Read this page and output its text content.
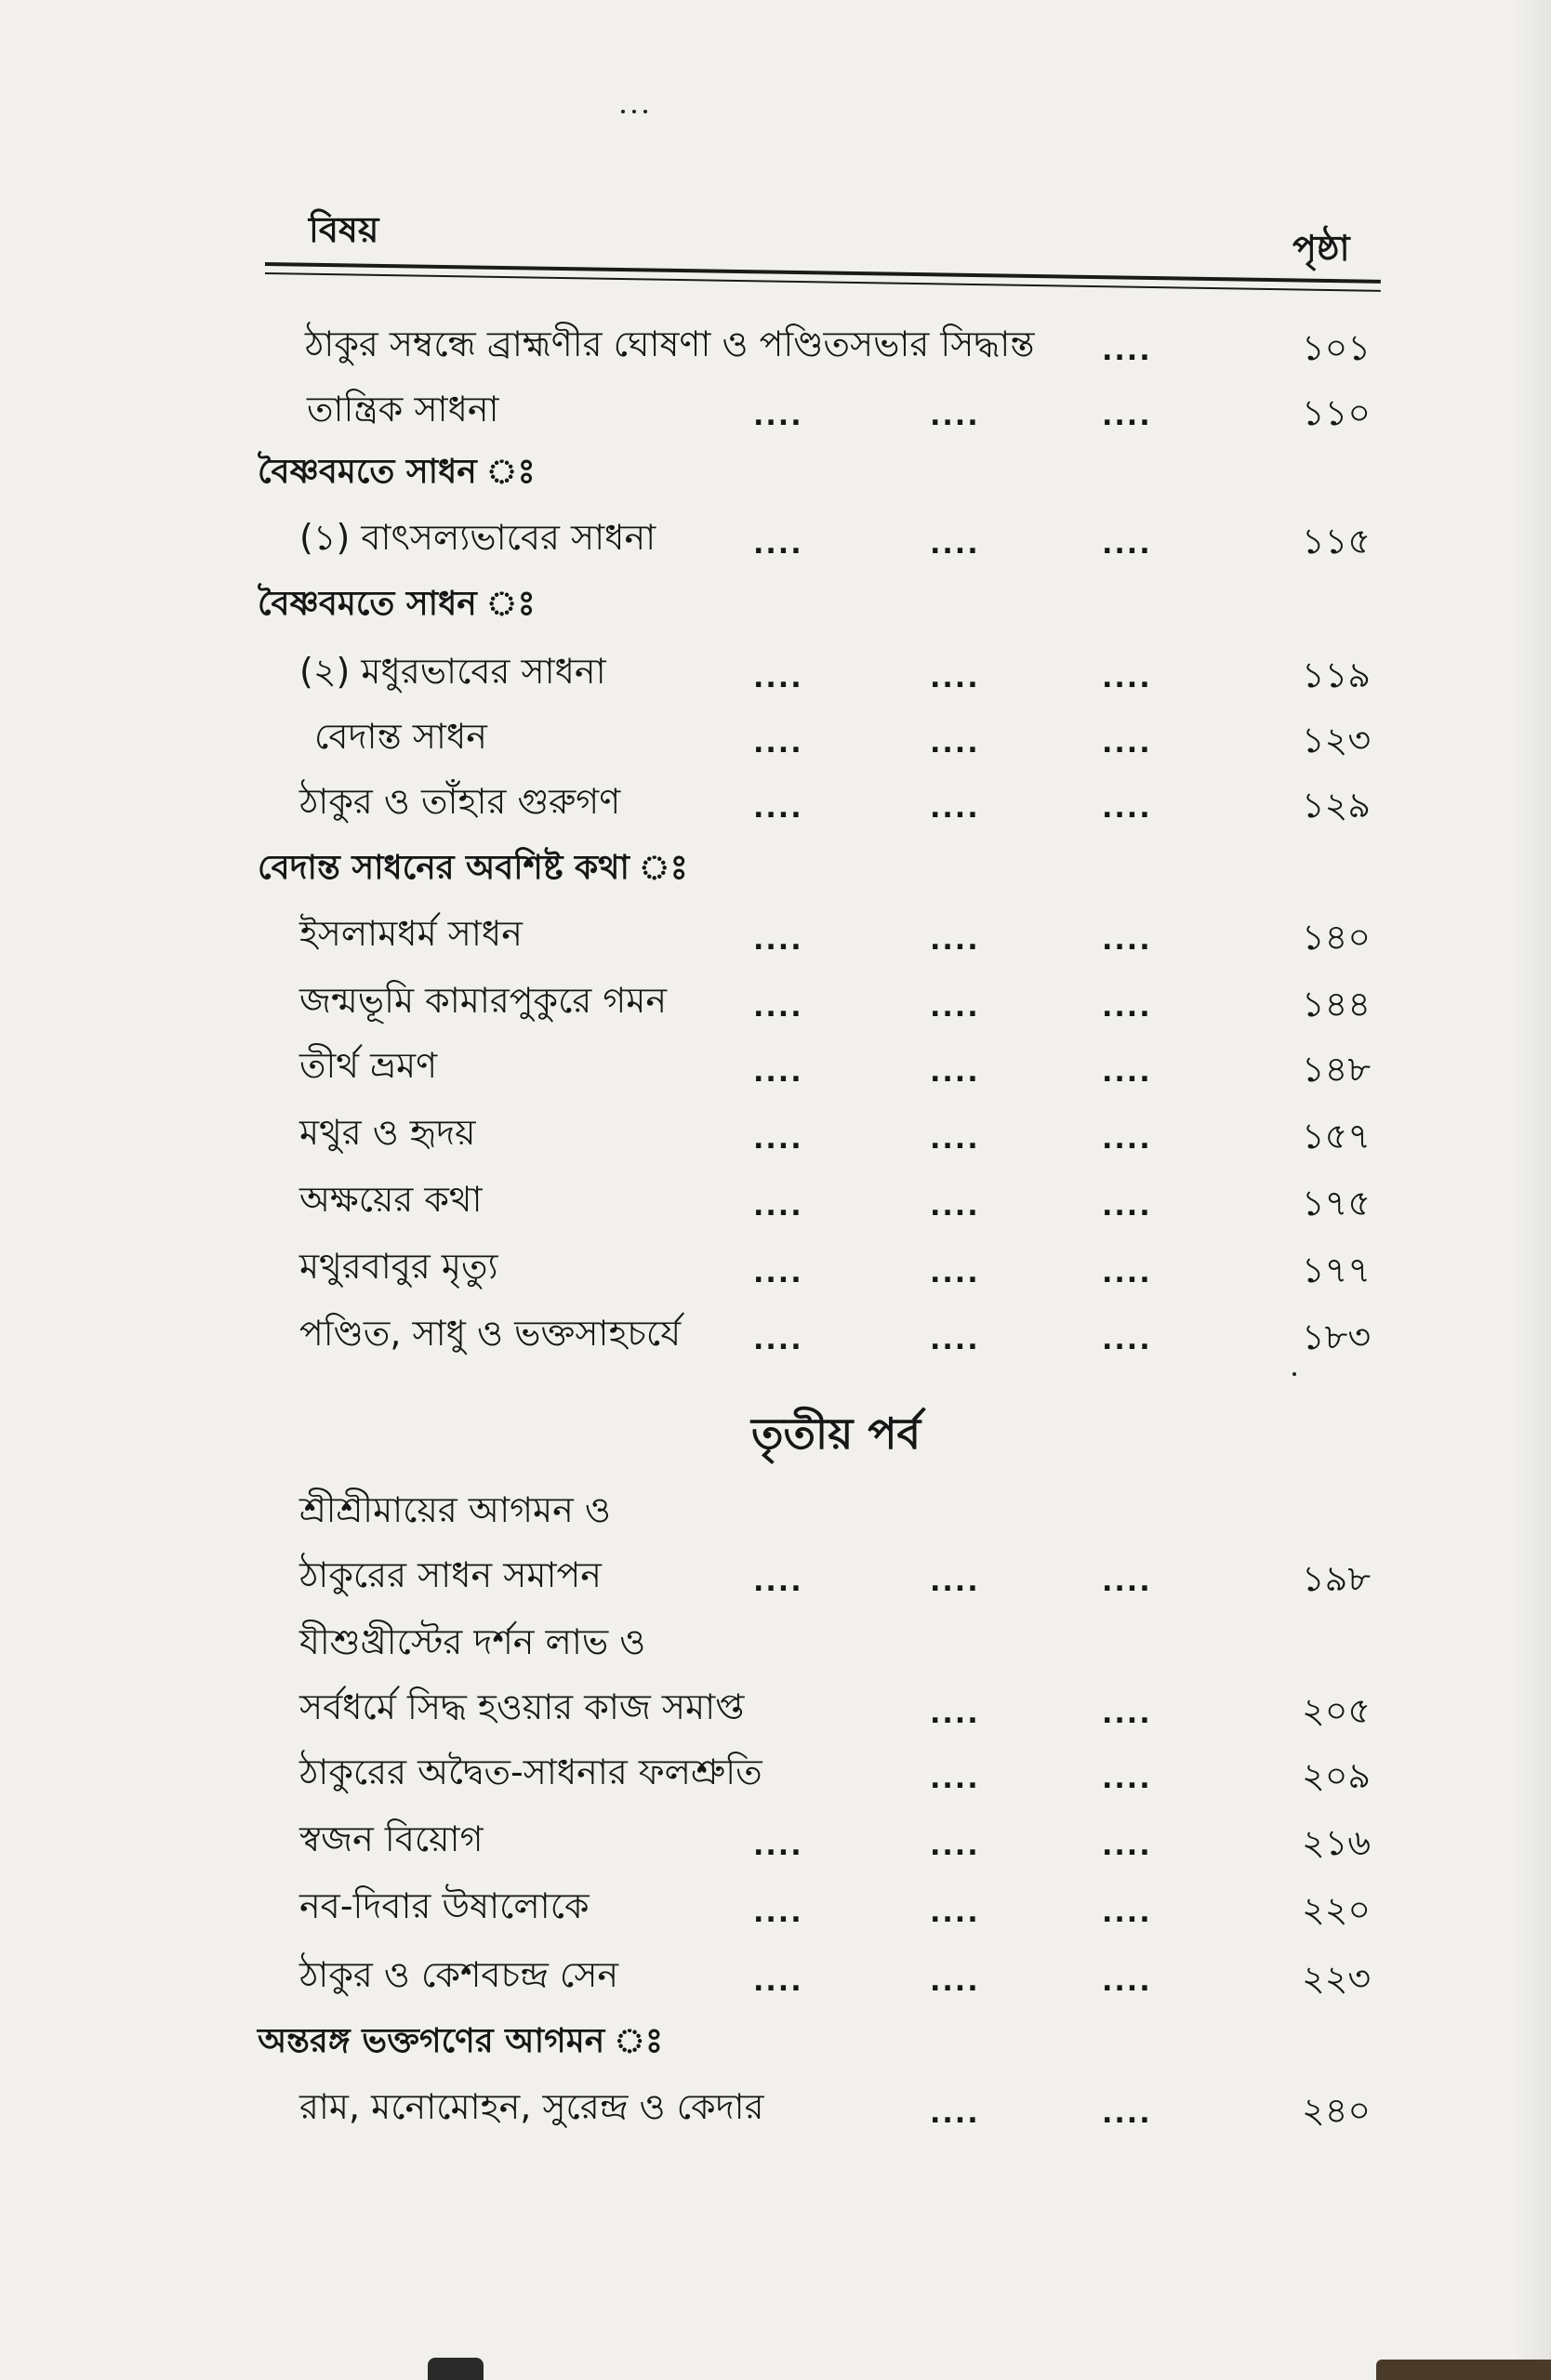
বিষয়	পৃষ্ঠা
ঠাকুর সম্বন্ধে ব্রাহ্মণীর ঘোষণা ও পণ্ডিতসভার সিদ্ধান্ত ....	১০১
তান্ত্রিক সাধনা	....	....	....	১১০
বৈষ্ণবমতে সাধন ঃ
(১) বাৎসল্যভাবের সাধনা	....	....	....	১১৫
বৈষ্ণবমতে সাধন ঃ
(২) মধুরভাবের সাধনা	....	....	....	১১৯
বেদান্ত সাধন	....	....	....	১২৩
ঠাকুর ও তাঁহার গুরুগণ	....	....	....	১২৯
বেদান্ত সাধনের অবশিষ্ট কথা ঃ
ইসলামধর্ম সাধন	....	....	....	১৪০
জন্মভূমি কামারপুকুরে গমন	....	....	....	১৪৪
তীর্থ ভ্রমণ	....	....	....	১৪৮
মথুর ও হৃদয়	....	....	....	১৫৭
অক্ষয়ের কথা	....	....	....	১৭৫
মথুরবাবুর মৃত্যু	....	....	....	১৭৭
পণ্ডিত, সাধু ও ভক্তসাহচর্যে	....	....	....	১৮৩
তৃতীয় পর্ব
শ্রীশ্রীমায়ের আগমন ও
ঠাকুরের সাধন সমাপন	....	....	....	১৯৮
যীশুখ্রীস্টের দর্শন লাভ ও
সর্বধর্মে সিদ্ধ হওয়ার কাজ সমাপ্ত	....	....	২০৫
ঠাকুরের অদ্বৈত-সাধনার ফলশ্রুতি	....	....	২০৯
স্বজন বিয়োগ	....	....	....	২১৬
নব-দিবার উষালোকে	....	....	....	২২০
ঠাকুর ও কেশবচন্দ্র সেন	....	....	....	২২৩
অন্তরঙ্গ ভক্তগণের আগমন ঃ
রাম, মনোমোহন, সুরেন্দ্র ও কেদার	....	....	২৪০
